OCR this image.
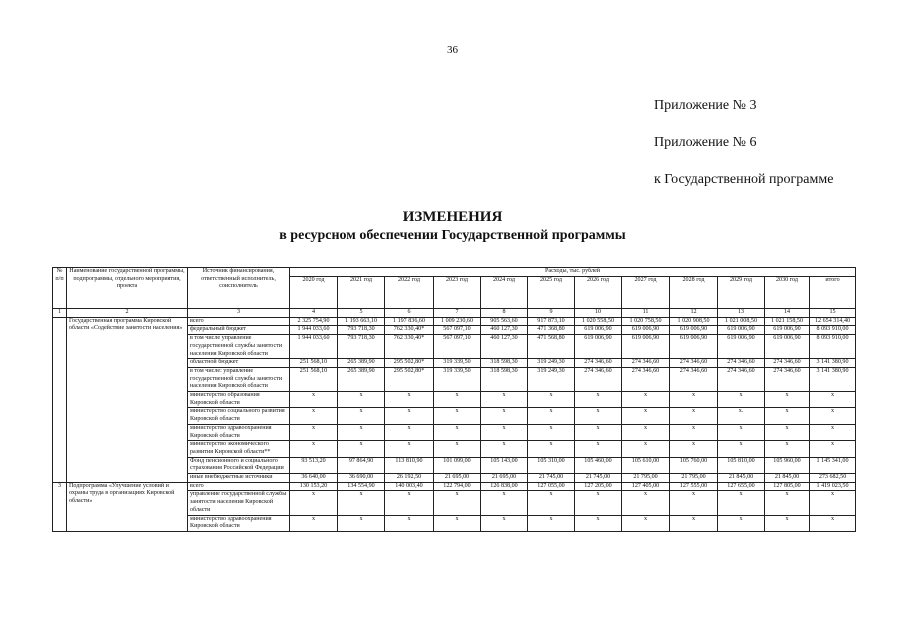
36
Приложение № 3
Приложение № 6
к Государственной программе
ИЗМЕНЕНИЯ
в ресурсном обеспечении Государственной программы
№ п/п	Наименование государственной программы, подпрограммы, отдельного мероприятия, проекта	Источник финансирования, ответственный исполнитель, соисполнитель	Расходы, тыс. рублей											
			2020 год	2021 год	2022 год	2023 год	2024 год	2025 год	2026 год	2027 год	2028 год	2029 год	2030 год	итого
1	2	3	4	5	6	7	8	9	10	11	12	13	14	15
	Государственная программа Кировской области «Содействие занятости населения»	всего	2 325 754,90	1 193 663,10	1 197 836,60	1 009 230,60	905 563,60	917 873,10	1 020 558,50	1 020 758,50	1 020 908,50	1 021 008,50	1 021 158,50	12 654 314,40
		федеральный бюджет	1 944 033,60	793 718,30	762 330,40*	567 097,10	460 127,30	471 368,80	619 006,90	619 006,90	619 006,90	619 006,90	619 006,90	8 093 910,00
		в том числе управление государственной службы занятости населения Кировской области	1 944 033,60	793 718,30	762 330,40*	567 097,10	460 127,30	471 568,80	619 006,90	619 006,90	619 006,90	619 006,90	619 006,90	8 093 910,00
		областной бюджет	251 568,10	265 389,90	295 502,80*	319 339,50	318 598,30	319 249,30	274 346,60	274 346,60	274 346,60	274 346,60	274 346,60	3 141 380,90
		в том числе: управление государственной службы занятости населения Кировской области	251 568,10	265 389,90	295 502,80*	319 339,50	318 598,30	319 249,30	274 346,60	274 346,60	274 346,60	274 346,60	274 346,60	3 141 380,90
		министерство образования Кировской области	x	x	x	x	x	x	x	x	x	x	x	x
		министерство социального развития Кировской области	x	x	x	x	x	x	x	x	x	x.	x	x
		министерство здравоохранения Кировской области	x	x	x	x	x	x	x	x	x	x	x	x
		министерство экономического развития Кировской области**	x	x	x	x	x	x	x	x	x	x	x	x
		Фонд пенсионного и социального страхования Российской Федерации	93 513,20	97 864,90	113 810,90	101 099,00	105 143,00	105 310,00	105 460,00	105 610,00	105 760,00	105 810,00	105 960,00	1 145 341,00
		иные внебюджетные источники	36 640,00	36 690,00	26 192,50	21 695,00	21 695,00	21 745,00	21 745,00	21 795,00	21 795,00	21 845,00	21 845,00	273 682,50
3	Подпрограмма «Улучшение условий и охраны труда в организациях Кировской области»	всего	130 153,20	134 554,90	140 003,40	122 794,00	126 838,00	127 055,00	127 205,00	127 405,00	127 555,00	127 655,00	127 805,00	1 419 023,50
		управление государственной службы занятости населения Кировской области	x	x	x	x	x	x	x	x	x	x	x	x
		министерство здравоохранения Кировской области	x	x	x	x	x	x	x	x	x	x	x	x
